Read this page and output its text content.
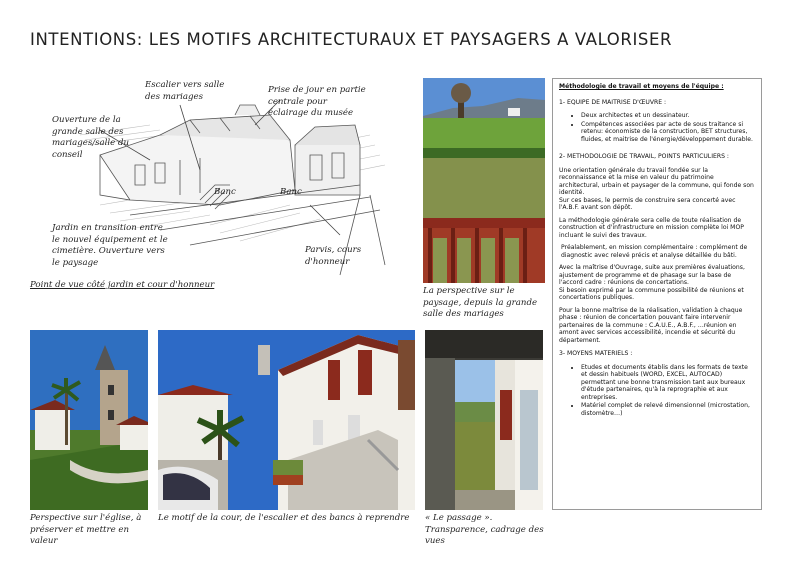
INTENTIONS: LES MOTIFS ARCHITECTURAUX ET PAYSAGERS A VALORISER
Ouverture de la grande salle des mariages/salle du conseil
Escalier vers salle des mariages
Prise de jour en partie centrale pour éclairage du musée
Banc	Banc
Jardin en transition entre le nouvel équipement et le cimetière. Ouverture vers le paysage
Parvis, cours d'honneur
Point de vue côté jardin et cour d'honneur
La perspective sur le paysage, depuis la grande salle des mariages
Perspective sur l'église, à préserver et mettre en valeur
Le motif de la cour, de l'escalier et des bancs à reprendre	« Le passage ». Transparence, cadrage des vues

Méthodologie de travail et moyens de l'équipe :

1- EQUIPE DE MAITRISE D'ŒUVRE :

• Deux architectes et un dessinateur.
• Compétences associées par acte de sous traitance si retenu: économiste de la construction, BET structures, fluides, et maitrise de l'énergie/développement durable.

2- METHODOLOGIE DE TRAVAIL, POINTS PARTICULIERS :

Une orientation générale du travail fondée sur la reconnaissance et la mise en valeur du patrimoine architectural, urbain et paysager de la commune, qui fonde son identité.

Sur ces bases, le permis de construire sera concerté avec l'A.B.F. avant son dépôt.

La méthodologie générale sera celle de toute réalisation de construction et d'infrastructure en mission complète loi MOP incluant le suivi des travaux.

Préalablement, en mission complémentaire : complément de diagnostic avec relevé précis et analyse détaillée du bâti.

Avec la maîtrise d'Ouvrage, suite aux premières évaluations, ajustement de programme et de phasage sur la base de l'accord cadre : réunions de concertations.

Si besoin exprimé par la commune possibilité de réunions et concertations publiques.

Pour la bonne maîtrise de la réalisation, validation à chaque phase : réunion de concertation pouvant faire intervenir partenaires de la commune : C.A.U.E., A.B.F., …réunion en amont avec services accessibilité, incendie et sécurité du département.

3- MOYENS MATERIELS :

• Etudes et documents établis dans les formats de texte et dessin habituels (WORD, EXCEL, AUTOCAD) permettant une bonne transmission tant aux bureaux d'étude partenaires, qu'à la reprographie et aux entreprises.
• Matériel complet de relevé dimensionnel (microstation, distomètre…)
